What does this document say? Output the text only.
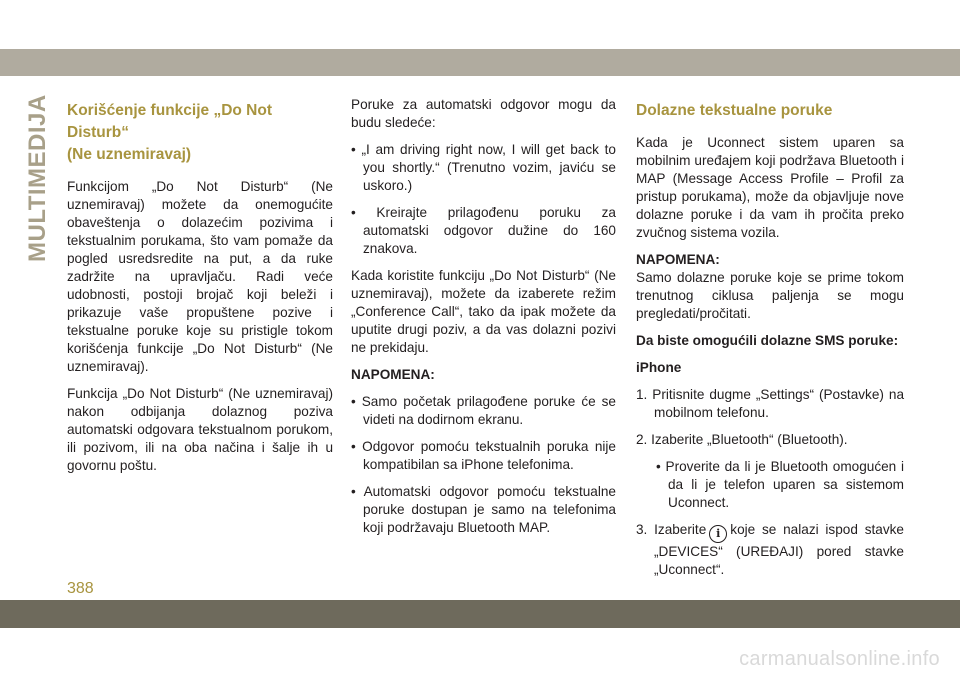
MULTIMEDIJA Korišćenje funkcije „Do Not Disturb“
(Ne uznemiravaj)

Funkcijom „Do Not Disturb“ (Ne uznemiravaj) možete da onemogućite obaveštenja o dolazećim pozivima i tekstualnim porukama, što vam pomaže da pogled usredsredite na put, a da ruke zadržite na upravljaču. Radi veće udobnosti, postoji brojač koji beleži i prikazuje vaše propuštene pozive i tekstualne poruke koje su pristigle tokom korišćenja funkcije „Do Not Disturb“ (Ne uznemiravaj).

Funkcija „Do Not Disturb“ (Ne uznemiravaj) nakon odbijanja dolaznog poziva automatski odgovara tekstualnom porukom, ili pozivom, ili na oba načina i šalje ih u govornu poštu.

Poruke za automatski odgovor mogu da budu sledeće:

• „I am driving right now, I will get back to you shortly.“ (Trenutno vozim, javiću se uskoro.)

• Kreirajte prilagođenu poruku za automatski odgovor dužine do 160 znakova.

Kada koristite funkciju „Do Not Disturb“ (Ne uznemiravaj), možete da izaberete režim „Conference Call“, tako da ipak možete da uputite drugi poziv, a da vas dolazni pozivi ne prekidaju.

NAPOMENA:

• Samo početak prilagođene poruke će se videti na dodirnom ekranu.

• Odgovor pomoću tekstualnih poruka nije kompatibilan sa iPhone telefonima.

• Automatski odgovor pomoću tekstualne poruke dostupan je samo na telefonima koji podržavaju Bluetooth MAP.

Dolazne tekstualne poruke

Kada je Uconnect sistem uparen sa mobilnim uređajem koji podržava Bluetooth i MAP (Message Access Profile – Profil za pristup porukama), može da objavljuje nove dolazne poruke i da vam ih pročita preko zvučnog sistema vozila.

NAPOMENA:

Samo dolazne poruke koje se prime tokom trenutnog ciklusa paljenja se mogu pregledati/pročitati.

Da biste omogućili dolazne SMS poruke:

iPhone

1. Pritisnite dugme „Settings“ (Postavke) na mobilnom telefonu.

2. Izaberite „Bluetooth“ (Bluetooth).

• Proverite da li je Bluetooth omogućen i da li je telefon uparen sa sistemom Uconnect.

3. Izaberite i koje se nalazi ispod stavke „DEVICES“ (UREĐAJI) pored stavke „Uconnect“.

388
carmanualsonline.info
